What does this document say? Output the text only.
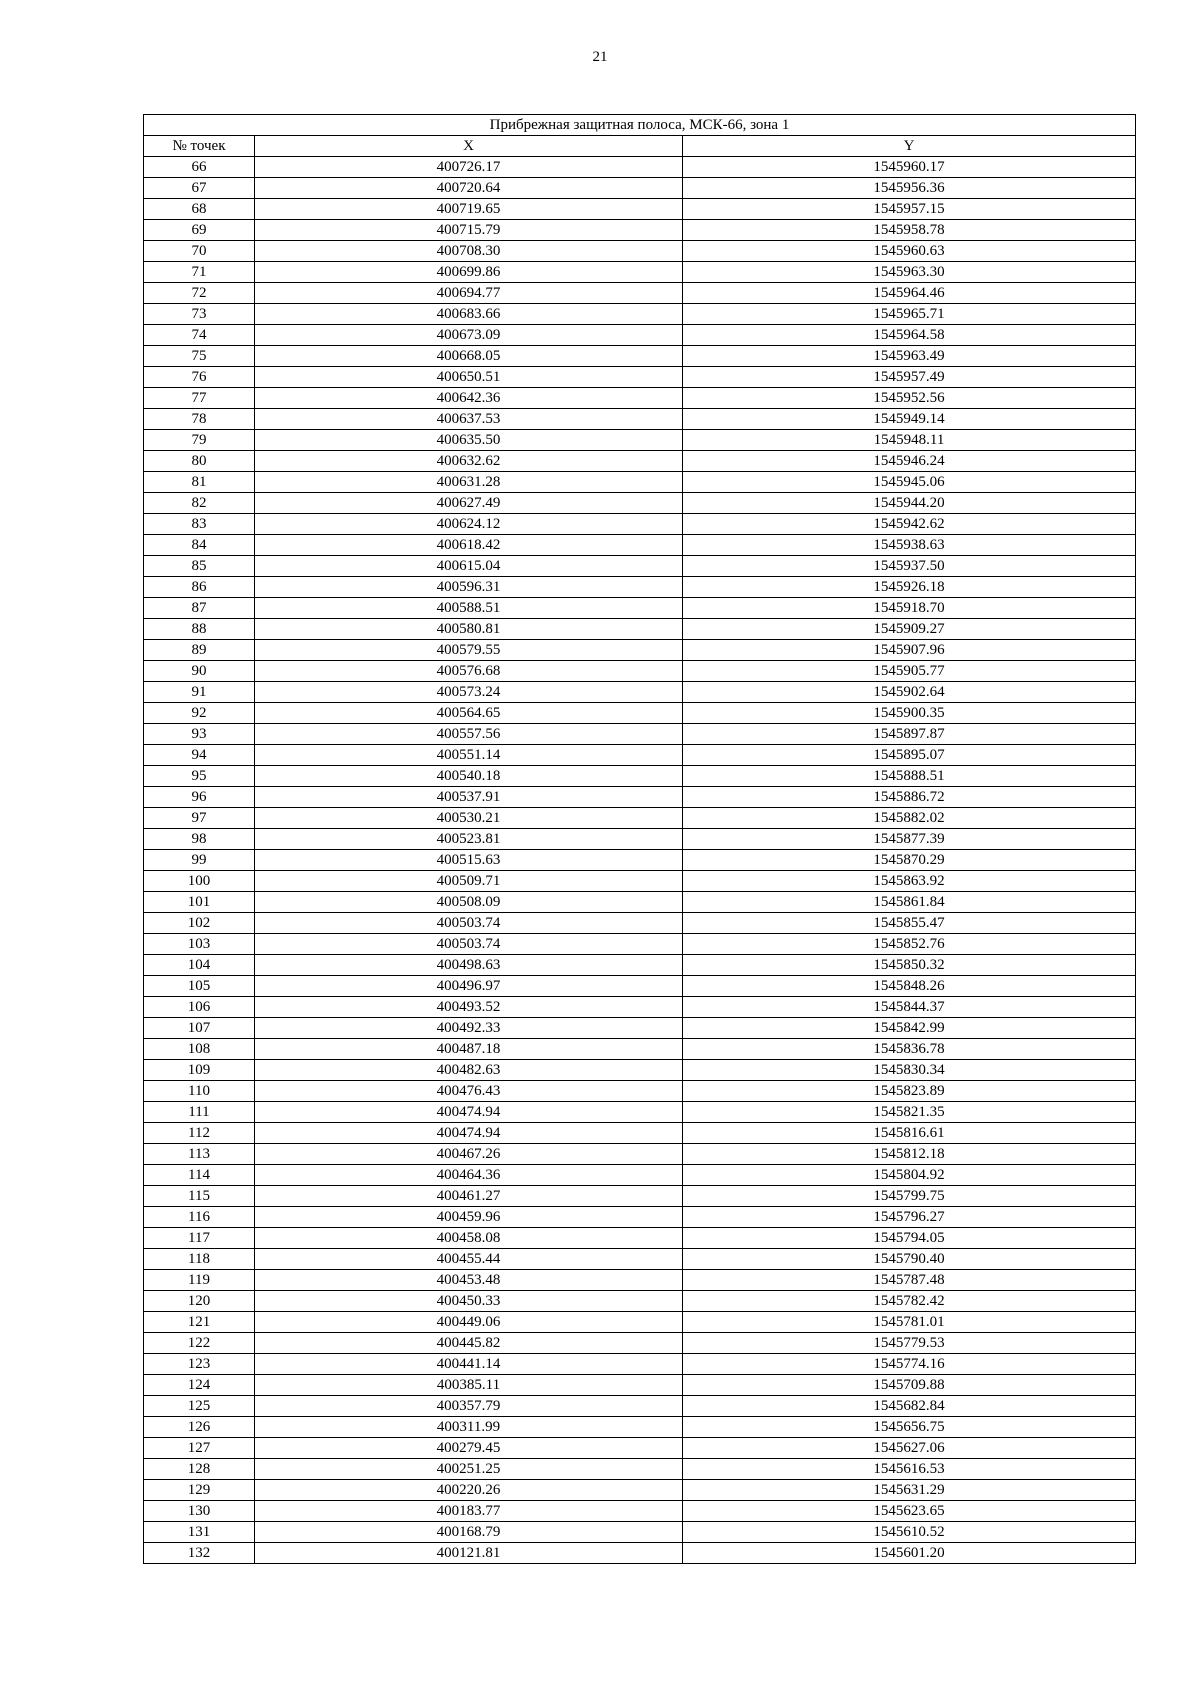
21
Прибрежная защитная полоса, МСК-66, зона 1		
№ точек	X	Y
66	400726.17	1545960.17
67	400720.64	1545956.36
68	400719.65	1545957.15
69	400715.79	1545958.78
70	400708.30	1545960.63
71	400699.86	1545963.30
72	400694.77	1545964.46
73	400683.66	1545965.71
74	400673.09	1545964.58
75	400668.05	1545963.49
76	400650.51	1545957.49
77	400642.36	1545952.56
78	400637.53	1545949.14
79	400635.50	1545948.11
80	400632.62	1545946.24
81	400631.28	1545945.06
82	400627.49	1545944.20
83	400624.12	1545942.62
84	400618.42	1545938.63
85	400615.04	1545937.50
86	400596.31	1545926.18
87	400588.51	1545918.70
88	400580.81	1545909.27
89	400579.55	1545907.96
90	400576.68	1545905.77
91	400573.24	1545902.64
92	400564.65	1545900.35
93	400557.56	1545897.87
94	400551.14	1545895.07
95	400540.18	1545888.51
96	400537.91	1545886.72
97	400530.21	1545882.02
98	400523.81	1545877.39
99	400515.63	1545870.29
100	400509.71	1545863.92
101	400508.09	1545861.84
102	400503.74	1545855.47
103	400503.74	1545852.76
104	400498.63	1545850.32
105	400496.97	1545848.26
106	400493.52	1545844.37
107	400492.33	1545842.99
108	400487.18	1545836.78
109	400482.63	1545830.34
110	400476.43	1545823.89
111	400474.94	1545821.35
112	400474.94	1545816.61
113	400467.26	1545812.18
114	400464.36	1545804.92
115	400461.27	1545799.75
116	400459.96	1545796.27
117	400458.08	1545794.05
118	400455.44	1545790.40
119	400453.48	1545787.48
120	400450.33	1545782.42
121	400449.06	1545781.01
122	400445.82	1545779.53
123	400441.14	1545774.16
124	400385.11	1545709.88
125	400357.79	1545682.84
126	400311.99	1545656.75
127	400279.45	1545627.06
128	400251.25	1545616.53
129	400220.26	1545631.29
130	400183.77	1545623.65
131	400168.79	1545610.52
132	400121.81	1545601.20
